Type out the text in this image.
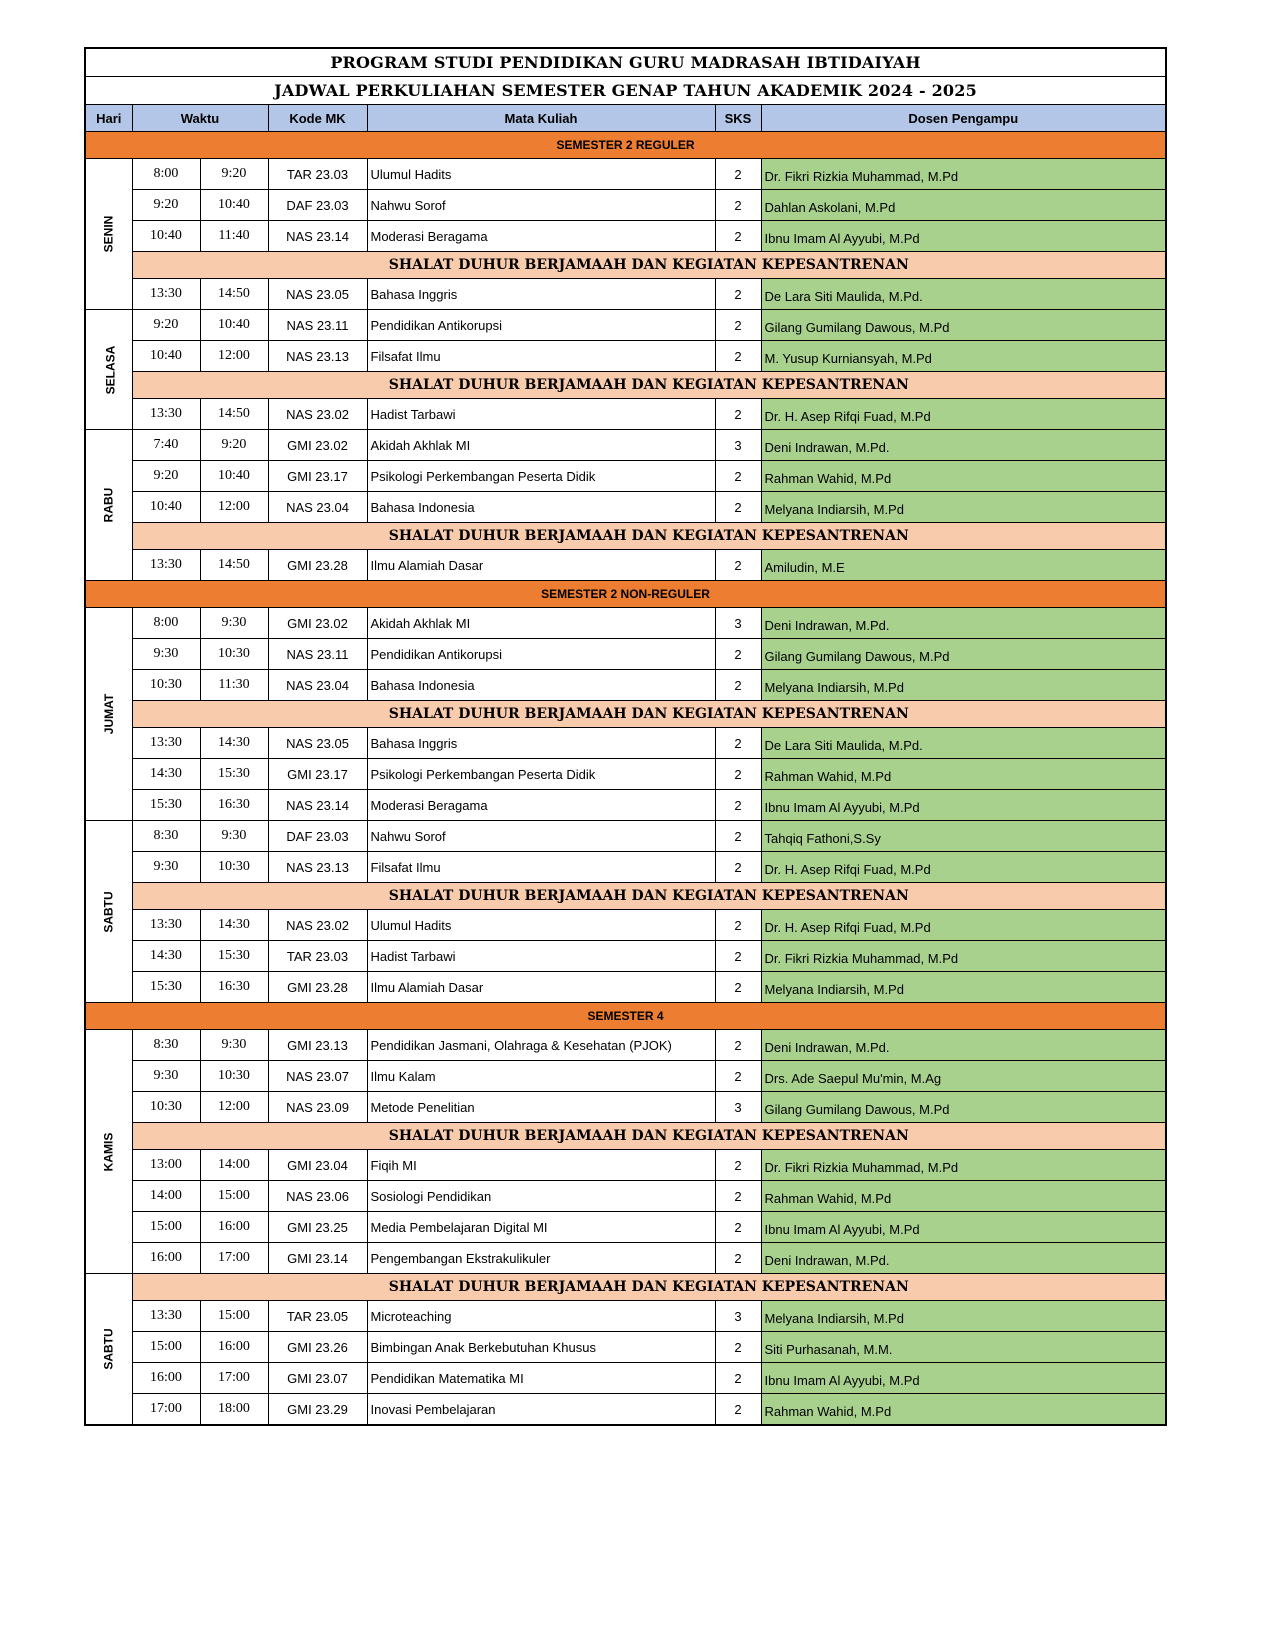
PROGRAM STUDI PENDIDIKAN GURU MADRASAH IBTIDAIYAH						
JADWAL PERKULIAHAN SEMESTER GENAP TAHUN AKADEMIK 2024 - 2025						
Hari	Waktu		Kode MK	Mata Kuliah	SKS	Dosen Pengampu
SEMESTER 2 REGULER						
SENIN	8:00	9:20	TAR 23.03	Ulumul Hadits	2	Dr. Fikri Rizkia Muhammad, M.Pd
	9:20	10:40	DAF 23.03	Nahwu Sorof	2	Dahlan Askolani, M.Pd
	10:40	11:40	NAS 23.14	Moderasi Beragama	2	Ibnu Imam Al Ayyubi, M.Pd
	SHALAT DUHUR BERJAMAAH DAN KEGIATAN KEPESANTRENAN					
	13:30	14:50	NAS 23.05	Bahasa Inggris	2	De Lara Siti Maulida, M.Pd.
SELASA	9:20	10:40	NAS 23.11	Pendidikan Antikorupsi	2	Gilang Gumilang Dawous, M.Pd
	10:40	12:00	NAS 23.13	Filsafat Ilmu	2	M. Yusup Kurniansyah, M.Pd
	SHALAT DUHUR BERJAMAAH DAN KEGIATAN KEPESANTRENAN					
	13:30	14:50	NAS 23.02	Hadist Tarbawi	2	Dr. H. Asep Rifqi Fuad, M.Pd
RABU	7:40	9:20	GMI 23.02	Akidah Akhlak MI	3	Deni Indrawan, M.Pd.
	9:20	10:40	GMI 23.17	Psikologi Perkembangan Peserta Didik	2	Rahman Wahid, M.Pd
	10:40	12:00	NAS 23.04	Bahasa Indonesia	2	Melyana Indiarsih, M.Pd
	SHALAT DUHUR BERJAMAAH DAN KEGIATAN KEPESANTRENAN					
	13:30	14:50	GMI 23.28	Ilmu Alamiah Dasar	2	Amiludin, M.E
SEMESTER 2 NON-REGULER						
JUMAT	8:00	9:30	GMI 23.02	Akidah Akhlak MI	3	Deni Indrawan, M.Pd.
	9:30	10:30	NAS 23.11	Pendidikan Antikorupsi	2	Gilang Gumilang Dawous, M.Pd
	10:30	11:30	NAS 23.04	Bahasa Indonesia	2	Melyana Indiarsih, M.Pd
	SHALAT DUHUR BERJAMAAH DAN KEGIATAN KEPESANTRENAN					
	13:30	14:30	NAS 23.05	Bahasa Inggris	2	De Lara Siti Maulida, M.Pd.
	14:30	15:30	GMI 23.17	Psikologi Perkembangan Peserta Didik	2	Rahman Wahid, M.Pd
	15:30	16:30	NAS 23.14	Moderasi Beragama	2	Ibnu Imam Al Ayyubi, M.Pd
SABTU	8:30	9:30	DAF 23.03	Nahwu Sorof	2	Tahqiq Fathoni,S.Sy
	9:30	10:30	NAS 23.13	Filsafat Ilmu	2	Dr. H. Asep Rifqi Fuad, M.Pd
	SHALAT DUHUR BERJAMAAH DAN KEGIATAN KEPESANTRENAN					
	13:30	14:30	NAS 23.02	Ulumul Hadits	2	Dr. H. Asep Rifqi Fuad, M.Pd
	14:30	15:30	TAR 23.03	Hadist Tarbawi	2	Dr. Fikri Rizkia Muhammad, M.Pd
	15:30	16:30	GMI 23.28	Ilmu Alamiah Dasar	2	Melyana Indiarsih, M.Pd
SEMESTER 4						
KAMIS	8:30	9:30	GMI 23.13	Pendidikan Jasmani, Olahraga & Kesehatan (PJOK)	2	Deni Indrawan, M.Pd.
	9:30	10:30	NAS 23.07	Ilmu Kalam	2	Drs. Ade Saepul Mu'min, M.Ag
	10:30	12:00	NAS 23.09	Metode Penelitian	3	Gilang Gumilang Dawous, M.Pd
	SHALAT DUHUR BERJAMAAH DAN KEGIATAN KEPESANTRENAN					
	13:00	14:00	GMI 23.04	Fiqih MI	2	Dr. Fikri Rizkia Muhammad, M.Pd
	14:00	15:00	NAS 23.06	Sosiologi Pendidikan	2	Rahman Wahid, M.Pd
	15:00	16:00	GMI 23.25	Media Pembelajaran Digital MI	2	Ibnu Imam Al Ayyubi, M.Pd
	16:00	17:00	GMI 23.14	Pengembangan Ekstrakulikuler	2	Deni Indrawan, M.Pd.
SABTU	SHALAT DUHUR BERJAMAAH DAN KEGIATAN KEPESANTRENAN					
	13:30	15:00	TAR 23.05	Microteaching	3	Melyana Indiarsih, M.Pd
	15:00	16:00	GMI 23.26	Bimbingan Anak Berkebutuhan Khusus	2	Siti Purhasanah, M.M.
	16:00	17:00	GMI 23.07	Pendidikan Matematika MI	2	Ibnu Imam Al Ayyubi, M.Pd
	17:00	18:00	GMI 23.29	Inovasi Pembelajaran	2	Rahman Wahid, M.Pd
